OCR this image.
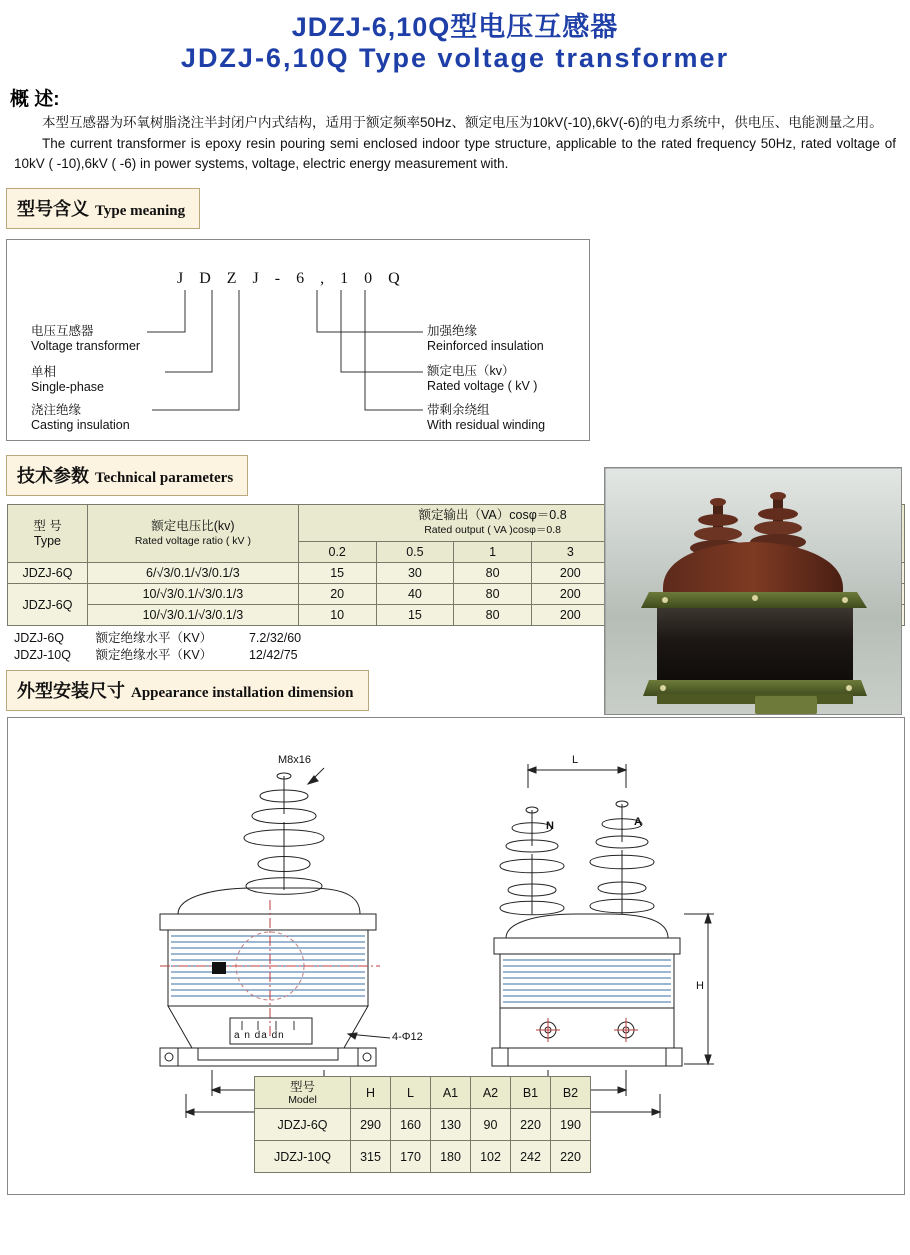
JDZJ-6,10Q型电压互感器
JDZJ-6,10Q Type voltage transformer
概 述:

本型互感器为环氧树脂浇注半封闭户内式结构，适用于额定频率50Hz、额定电压为10kV(-10),6kV(-6)的电力系统中，供电压、电能测量之用。

The current transformer is epoxy resin pouring semi enclosed indoor type structure, applicable to the rated frequency 50Hz, rated voltage of 10kV ( -10),6kV ( -6) in power systems, voltage, electric energy measurement with.

型号含义 Type meaning
J D Z J - 6 , 1 0 Q
电压互感器
Voltage transformer
单相
Single-phase
浇注绝缘
Casting insulation
加强绝缘
Reinforced insulation
额定电压（kv）
Rated voltage ( kV )
带剩余绕组
With residual winding
技术参数 Technical parameters
型 号
Type

额定电压比(kv)
Rated voltage ratio ( kV )

额定输出（VA）cosφ＝0.8
Rated output ( VA )cosφ＝0.8

		0.2	0.5	1	3	
JDZJ-6Q	6/√3/0.1/√3/0.1/3	15	30	80	200		
JDZJ-6Q	10/√3/0.1/√3/0.1/3	20	40	80	200		
	10/√3/0.1/√3/0.1/3	10	15	80	200		
JDZJ-6Q	额定绝缘水平（KV）	7.2/32/60
JDZJ-10Q 额定绝缘水平（KV）	12/42/75
外型安装尺寸 Appearance installation dimension
M8x16
4-Φ12
a n da dn
L
H
N	A
型号
Model	H	L	A1	A2	B1	B2
JDZJ-6Q	290	160	130	90	220	190
JDZJ-10Q	315	170	180	102	242	220
